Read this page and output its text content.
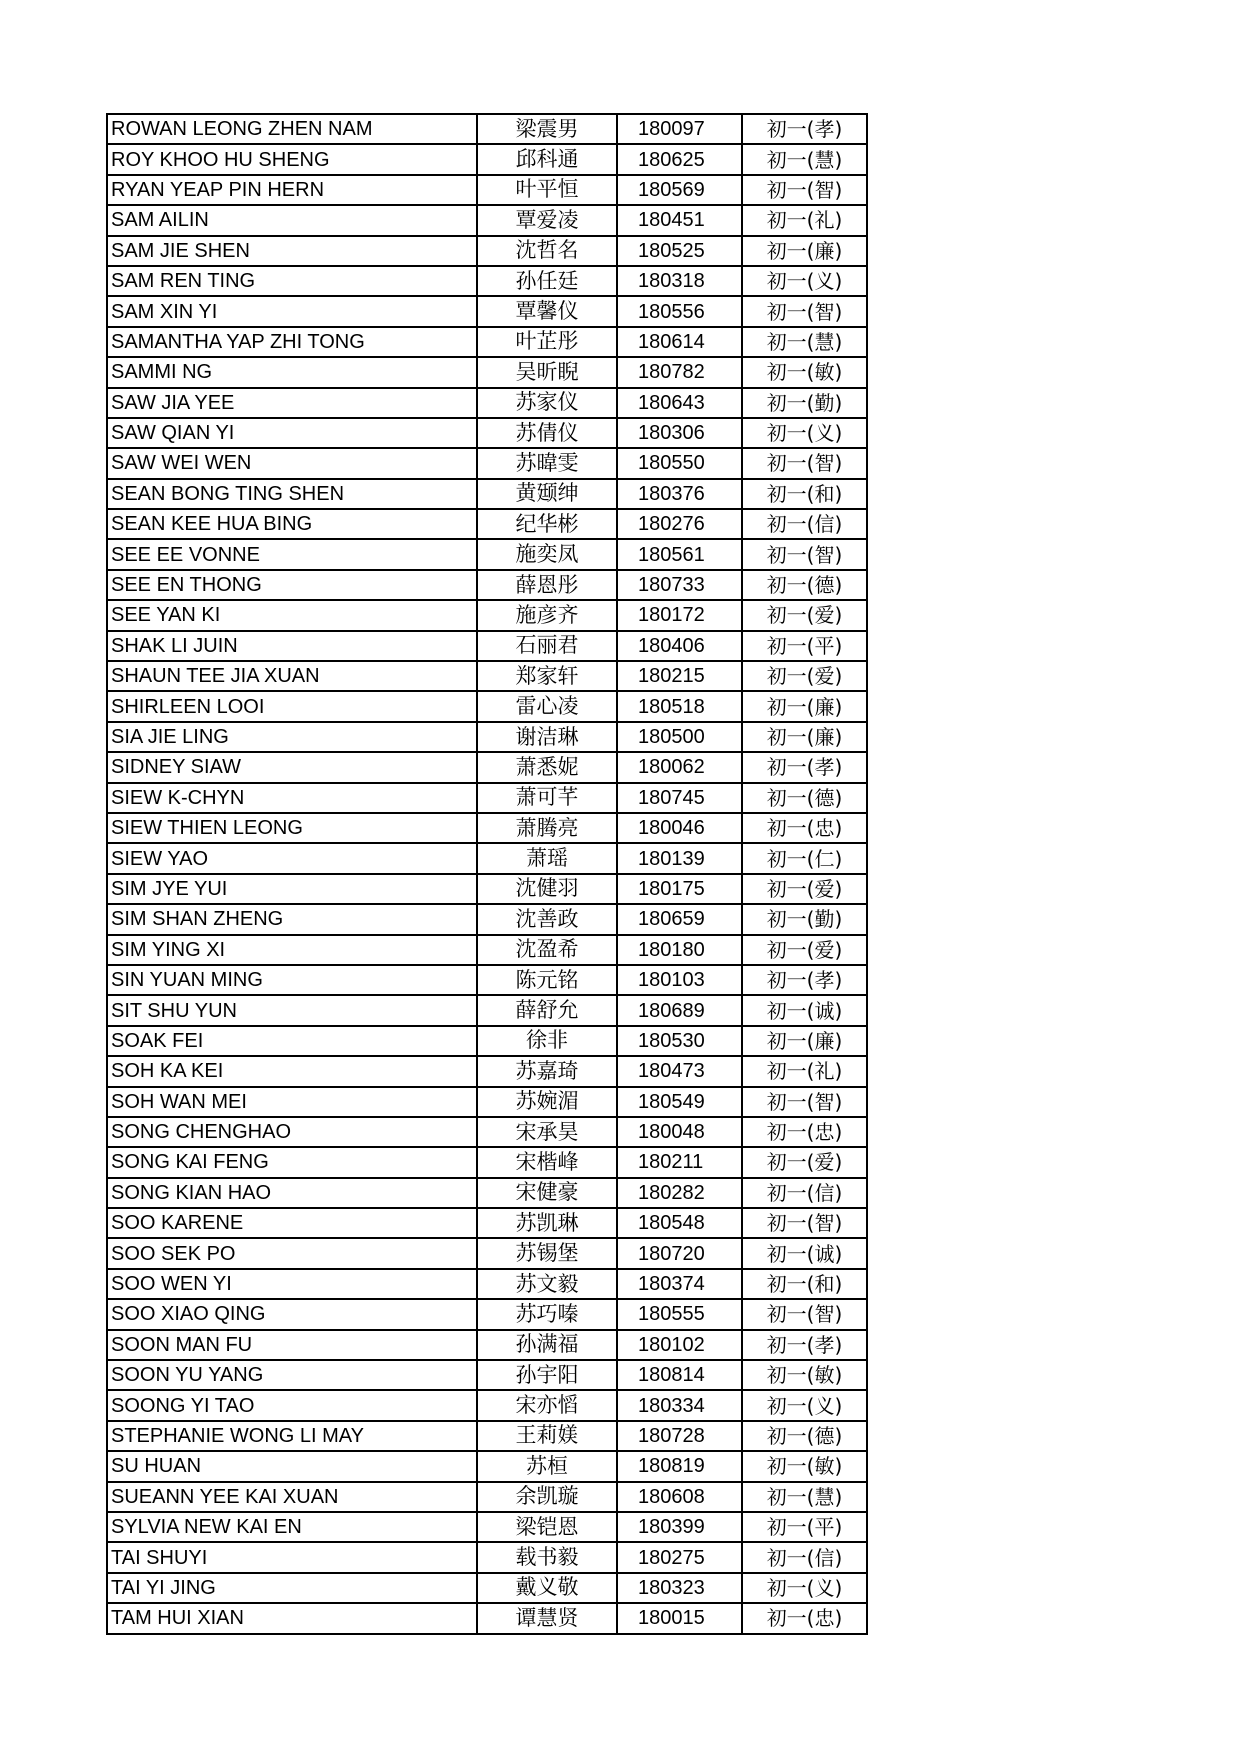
ROWAN LEONG ZHEN NAM	梁震男	180097	初一(孝)
ROY KHOO HU SHENG	邱科通	180625	初一(慧)
RYAN YEAP PIN HERN	叶平恒	180569	初一(智)
SAM AILIN	覃爱凌	180451	初一(礼)
SAM JIE SHEN	沈哲名	180525	初一(廉)
SAM REN TING	孙任廷	180318	初一(义)
SAM XIN YI	覃馨仪	180556	初一(智)
SAMANTHA YAP ZHI TONG	叶芷彤	180614	初一(慧)
SAMMI NG	吴昕睨	180782	初一(敏)
SAW JIA YEE	苏家仪	180643	初一(勤)
SAW QIAN YI	苏倩仪	180306	初一(义)
SAW WEI WEN	苏暐雯	180550	初一(智)
SEAN BONG TING SHEN	黄颋绅	180376	初一(和)
SEAN KEE HUA BING	纪华彬	180276	初一(信)
SEE EE VONNE	施奕凤	180561	初一(智)
SEE EN THONG	薛恩彤	180733	初一(德)
SEE YAN KI	施彦齐	180172	初一(爱)
SHAK LI JUIN	石丽君	180406	初一(平)
SHAUN TEE JIA XUAN	郑家轩	180215	初一(爱)
SHIRLEEN LOOI	雷心凌	180518	初一(廉)
SIA JIE LING	谢洁琳	180500	初一(廉)
SIDNEY SIAW	萧悉妮	180062	初一(孝)
SIEW K-CHYN	萧可芊	180745	初一(德)
SIEW THIEN LEONG	萧腾亮	180046	初一(忠)
SIEW YAO	萧瑶	180139	初一(仁)
SIM JYE YUI	沈健羽	180175	初一(爱)
SIM SHAN ZHENG	沈善政	180659	初一(勤)
SIM YING XI	沈盈希	180180	初一(爱)
SIN YUAN MING	陈元铭	180103	初一(孝)
SIT SHU YUN	薛舒允	180689	初一(诚)
SOAK FEI	徐非	180530	初一(廉)
SOH KA KEI	苏嘉琦	180473	初一(礼)
SOH WAN MEI	苏婉湄	180549	初一(智)
SONG CHENGHAO	宋承昊	180048	初一(忠)
SONG KAI FENG	宋楷峰	180211	初一(爱)
SONG KIAN HAO	宋健豪	180282	初一(信)
SOO KARENE	苏凯琳	180548	初一(智)
SOO SEK PO	苏锡堡	180720	初一(诚)
SOO WEN YI	苏文毅	180374	初一(和)
SOO XIAO QING	苏巧嗪	180555	初一(智)
SOON MAN FU	孙满福	180102	初一(孝)
SOON YU YANG	孙宇阳	180814	初一(敏)
SOONG YI TAO	宋亦慆	180334	初一(义)
STEPHANIE WONG LI MAY	王莉媄	180728	初一(德)
SU HUAN	苏桓	180819	初一(敏)
SUEANN YEE KAI XUAN	余凯璇	180608	初一(慧)
SYLVIA NEW KAI EN	梁铠恩	180399	初一(平)
TAI SHUYI	载书毅	180275	初一(信)
TAI YI JING	戴义敬	180323	初一(义)
TAM HUI XIAN	谭慧贤	180015	初一(忠)
